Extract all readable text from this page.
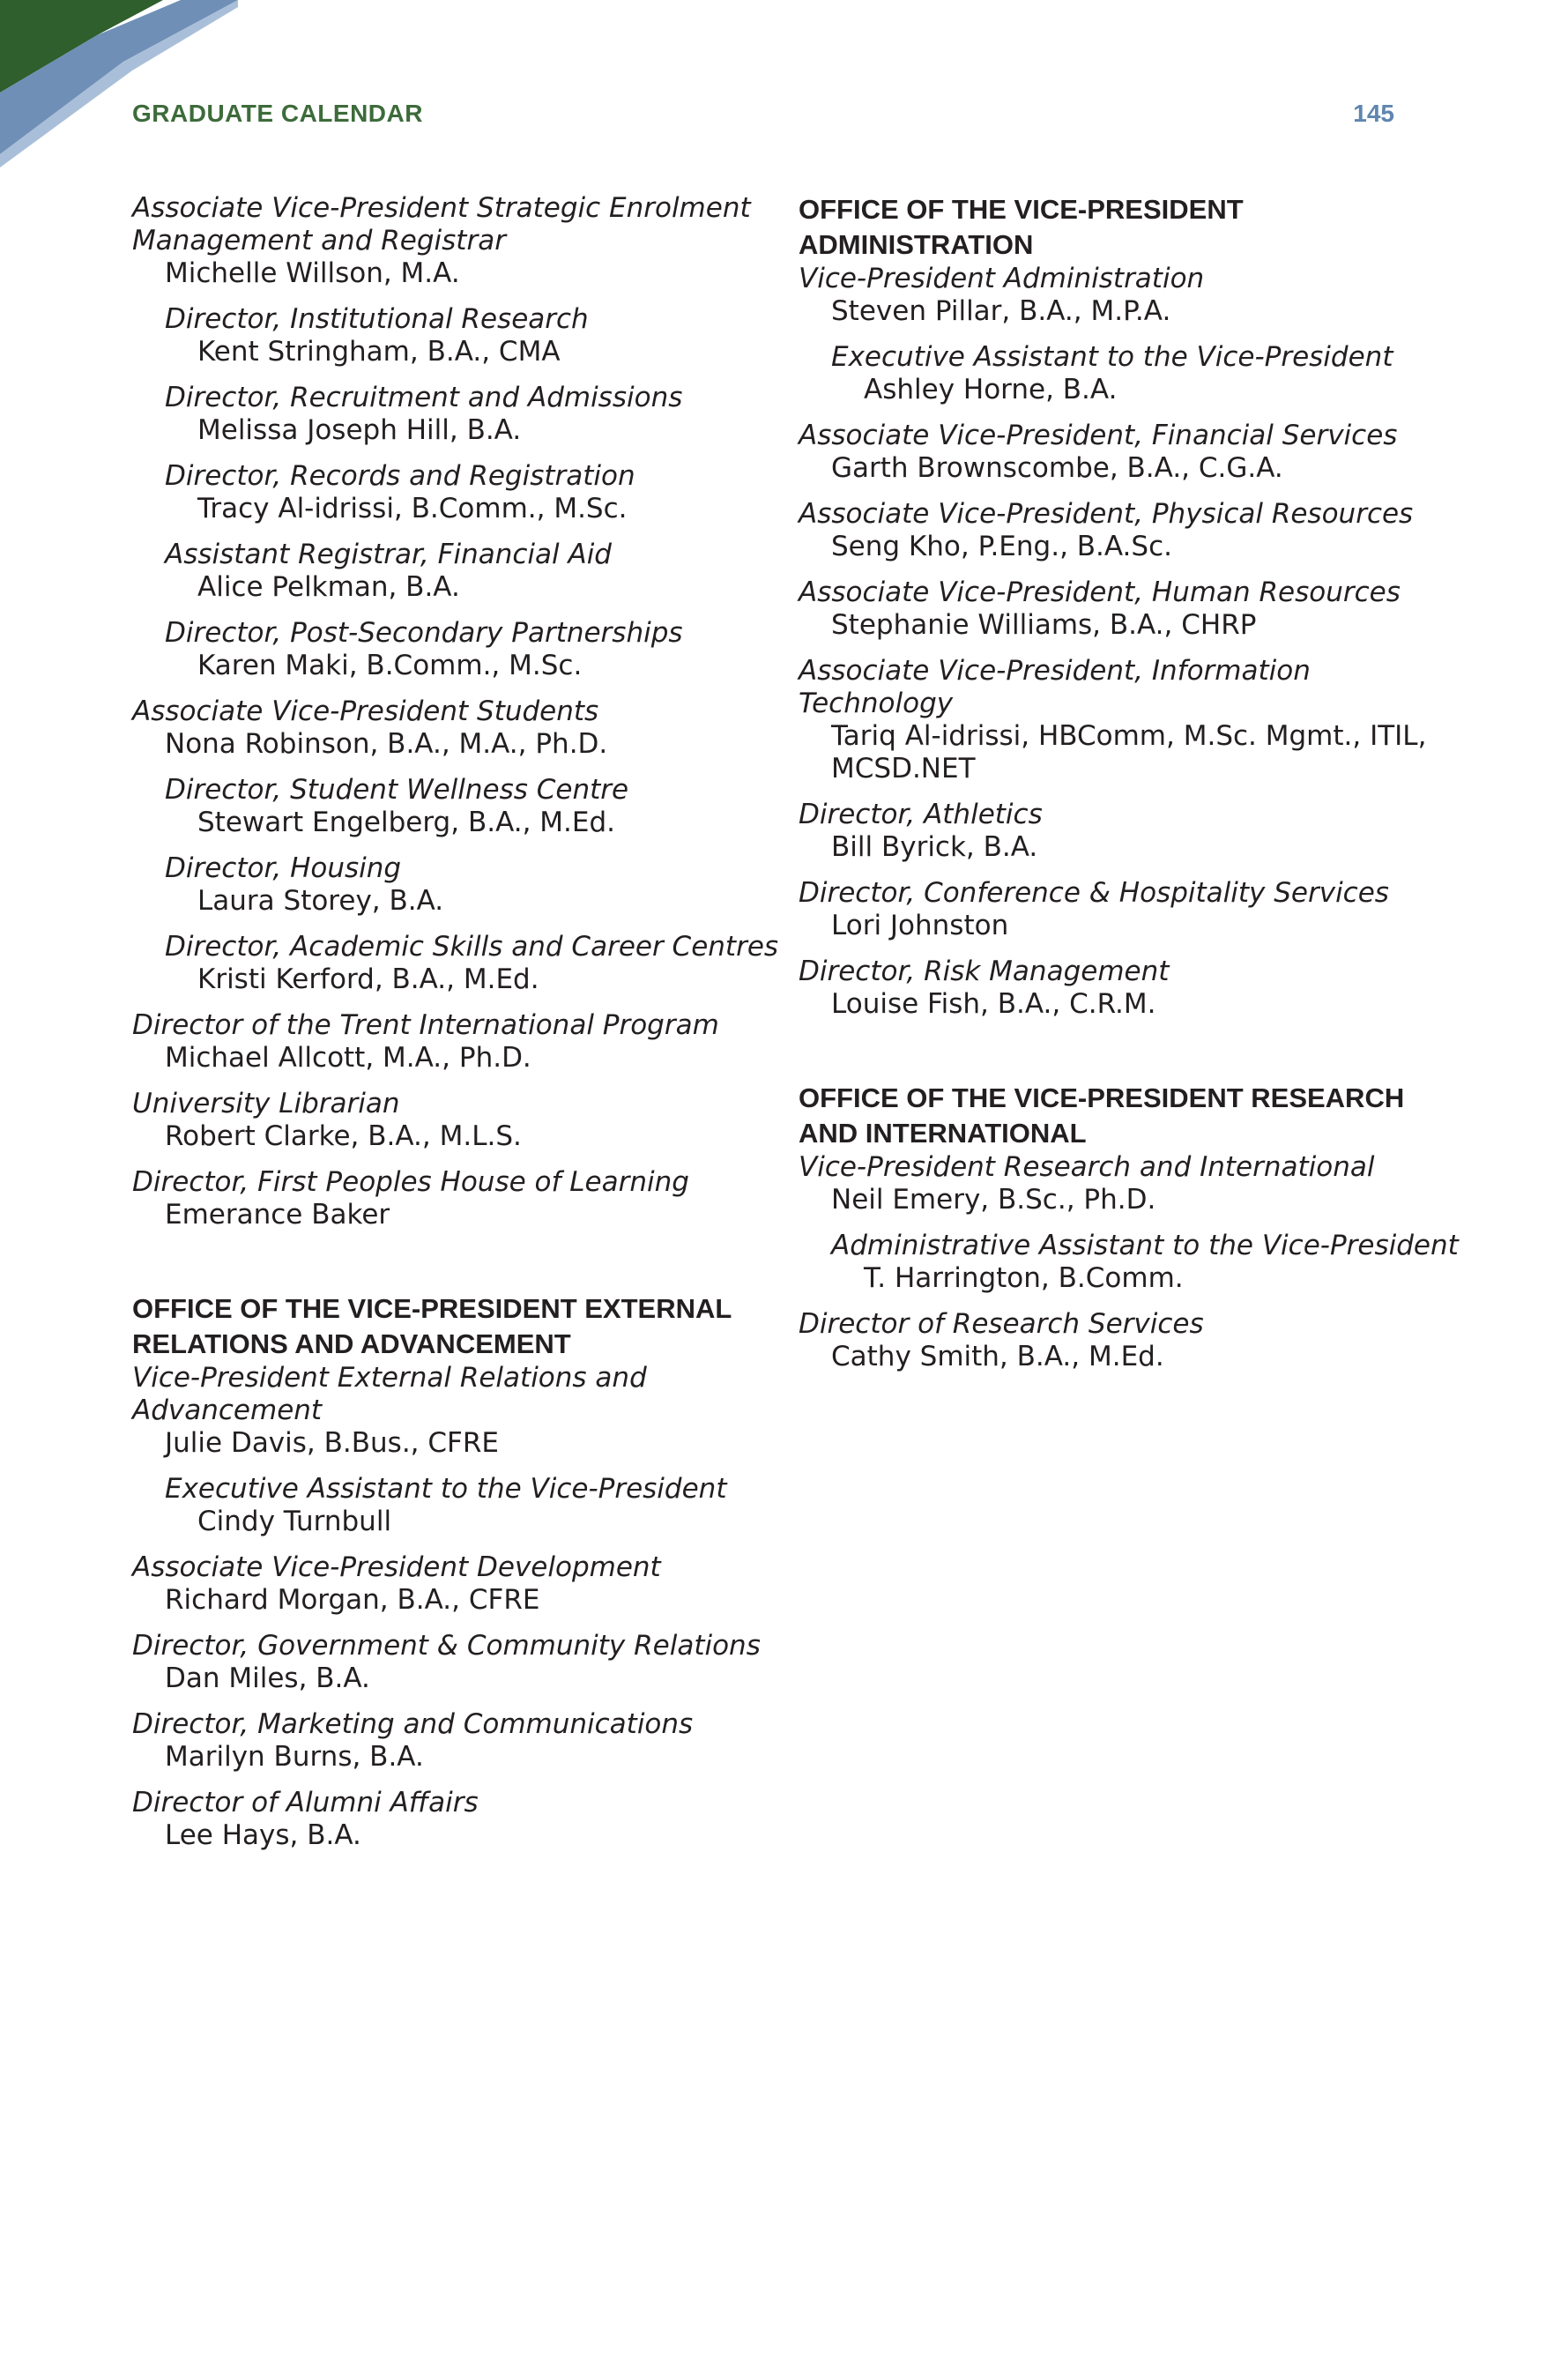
GRADUATE CALENDAR	145

Associate Vice-President Strategic Enrolment Management and Registrar

Michelle Willson, M.A.

Director, Institutional Research

Kent Stringham, B.A., CMA

Director, Recruitment and Admissions

Melissa Joseph Hill, B.A.

Director, Records and Registration

Tracy Al-idrissi, B.Comm., M.Sc.

Assistant Registrar, Financial Aid

Alice Pelkman, B.A.

Director, Post-Secondary Partnerships

Karen Maki, B.Comm., M.Sc.

Associate Vice-President Students

Nona Robinson, B.A., M.A., Ph.D.

Director, Student Wellness Centre

Stewart Engelberg, B.A., M.Ed.

Director, Housing

Laura Storey, B.A.

Director, Academic Skills and Career Centres

Kristi Kerford, B.A., M.Ed.

Director of the Trent International Program

Michael Allcott, M.A., Ph.D.

University Librarian

Robert Clarke, B.A., M.L.S.

Director, First Peoples House of Learning

Emerance Baker

OFFICE OF THE VICE-PRESIDENT EXTERNAL RELATIONS AND ADVANCEMENT

Vice-President External Relations and Advancement

Julie Davis, B.Bus., CFRE

Executive Assistant to the Vice-President

Cindy Turnbull

Associate Vice-President Development

Richard Morgan, B.A., CFRE

Director, Government & Community Relations

Dan Miles, B.A.

Director, Marketing and Communications

Marilyn Burns, B.A.

Director of Alumni Affairs

Lee Hays, B.A.

OFFICE OF THE VICE-PRESIDENT ADMINISTRATION

Vice-President Administration

Steven Pillar, B.A., M.P.A.

Executive Assistant to the Vice-President

Ashley Horne, B.A.

Associate Vice-President, Financial Services

Garth Brownscombe, B.A., C.G.A.

Associate Vice-President, Physical Resources

Seng Kho, P.Eng., B.A.Sc.

Associate Vice-President, Human Resources

Stephanie Williams, B.A., CHRP

Associate Vice-President, Information Technology

Tariq Al-idrissi, HBComm, M.Sc. Mgmt., ITIL, MCSD.NET

Director, Athletics

Bill Byrick, B.A.

Director, Conference & Hospitality Services

Lori Johnston

Director, Risk Management

Louise Fish, B.A., C.R.M.

OFFICE OF THE VICE-PRESIDENT RESEARCH AND INTERNATIONAL

Vice-President Research and International

Neil Emery, B.Sc., Ph.D.

Administrative Assistant to the Vice-President

T. Harrington, B.Comm.

Director of Research Services

Cathy Smith, B.A., M.Ed.
